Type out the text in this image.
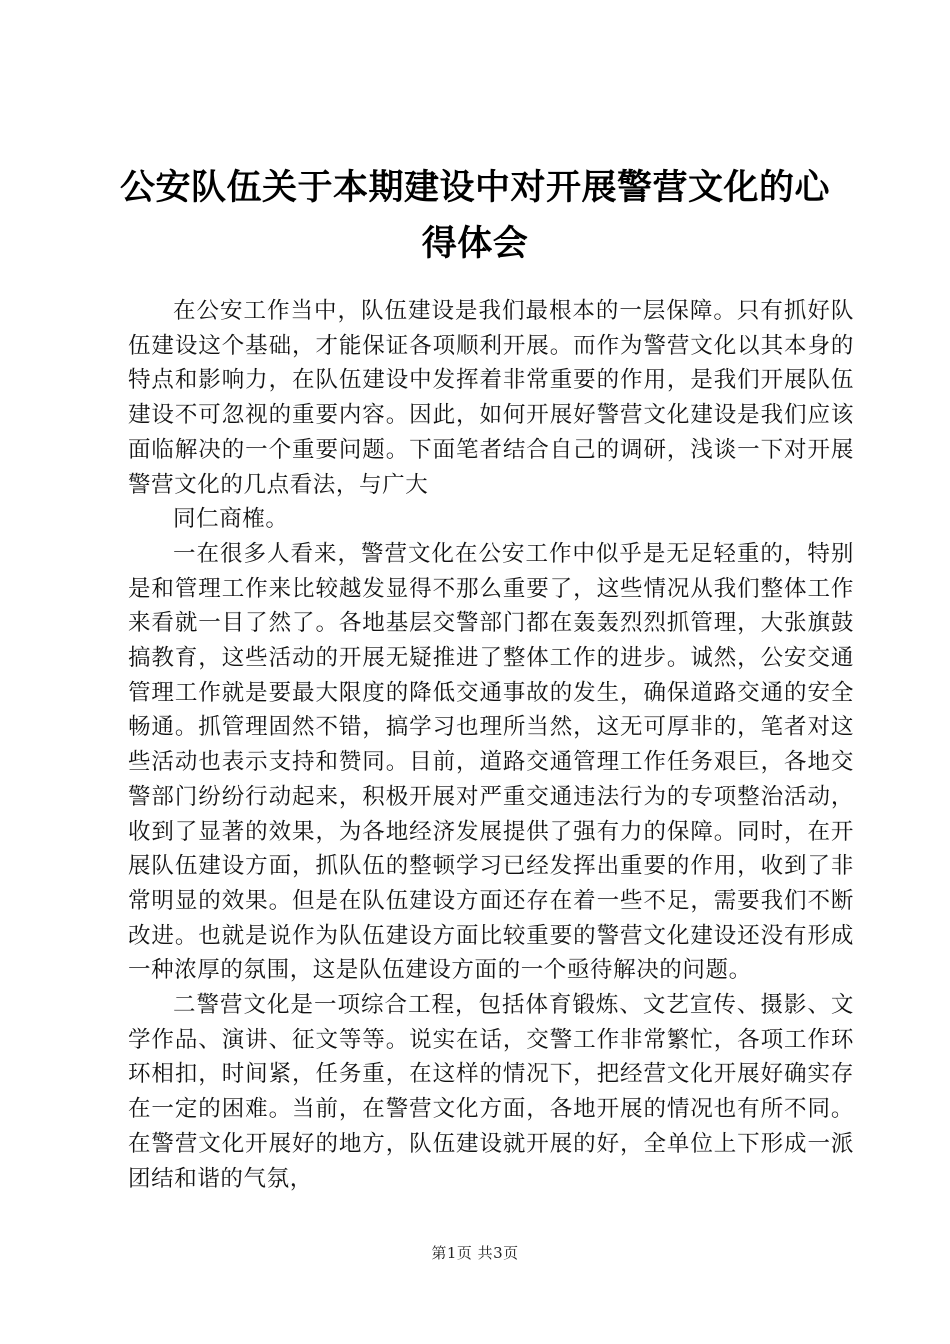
公安队伍关于本期建设中对开展警营文化的心
得体会

在公安工作当中，队伍建设是我们最根本的一层保障。只有抓好队伍建设这个基础，才能保证各项顺利开展。而作为警营文化以其本身的特点和影响力，在队伍建设中发挥着非常重要的作用，是我们开展队伍建设不可忽视的重要内容。因此，如何开展好警营文化建设是我们应该面临解决的一个重要问题。下面笔者结合自己的调研，浅谈一下对开展警营文化的几点看法，与广大

同仁商榷。

一在很多人看来，警营文化在公安工作中似乎是无足轻重的，特别是和管理工作来比较越发显得不那么重要了，这些情况从我们整体工作来看就一目了然了。各地基层交警部门都在轰轰烈烈抓管理，大张旗鼓搞教育，这些活动的开展无疑推进了整体工作的进步。诚然，公安交通管理工作就是要最大限度的降低交通事故的发生，确保道路交通的安全畅通。抓管理固然不错，搞学习也理所当然，这无可厚非的，笔者对这些活动也表示支持和赞同。目前，道路交通管理工作任务艰巨，各地交警部门纷纷行动起来，积极开展对严重交通违法行为的专项整治活动，收到了显著的效果，为各地经济发展提供了强有力的保障。同时，在开展队伍建设方面，抓队伍的整顿学习已经发挥出重要的作用，收到了非常明显的效果。但是在队伍建设方面还存在着一些不足，需要我们不断改进。也就是说作为队伍建设方面比较重要的警营文化建设还没有形成一种浓厚的氛围，这是队伍建设方面的一个亟待解决的问题。

二警营文化是一项综合工程，包括体育锻炼、文艺宣传、摄影、文学作品、演讲、征文等等。说实在话，交警工作非常繁忙，各项工作环环相扣，时间紧，任务重，在这样的情况下，把经营文化开展好确实存在一定的困难。当前，在警营文化方面，各地开展的情况也有所不同。在警营文化开展好的地方，队伍建设就开展的好，全单位上下形成一派团结和谐的气氛，

第1页 共3页
